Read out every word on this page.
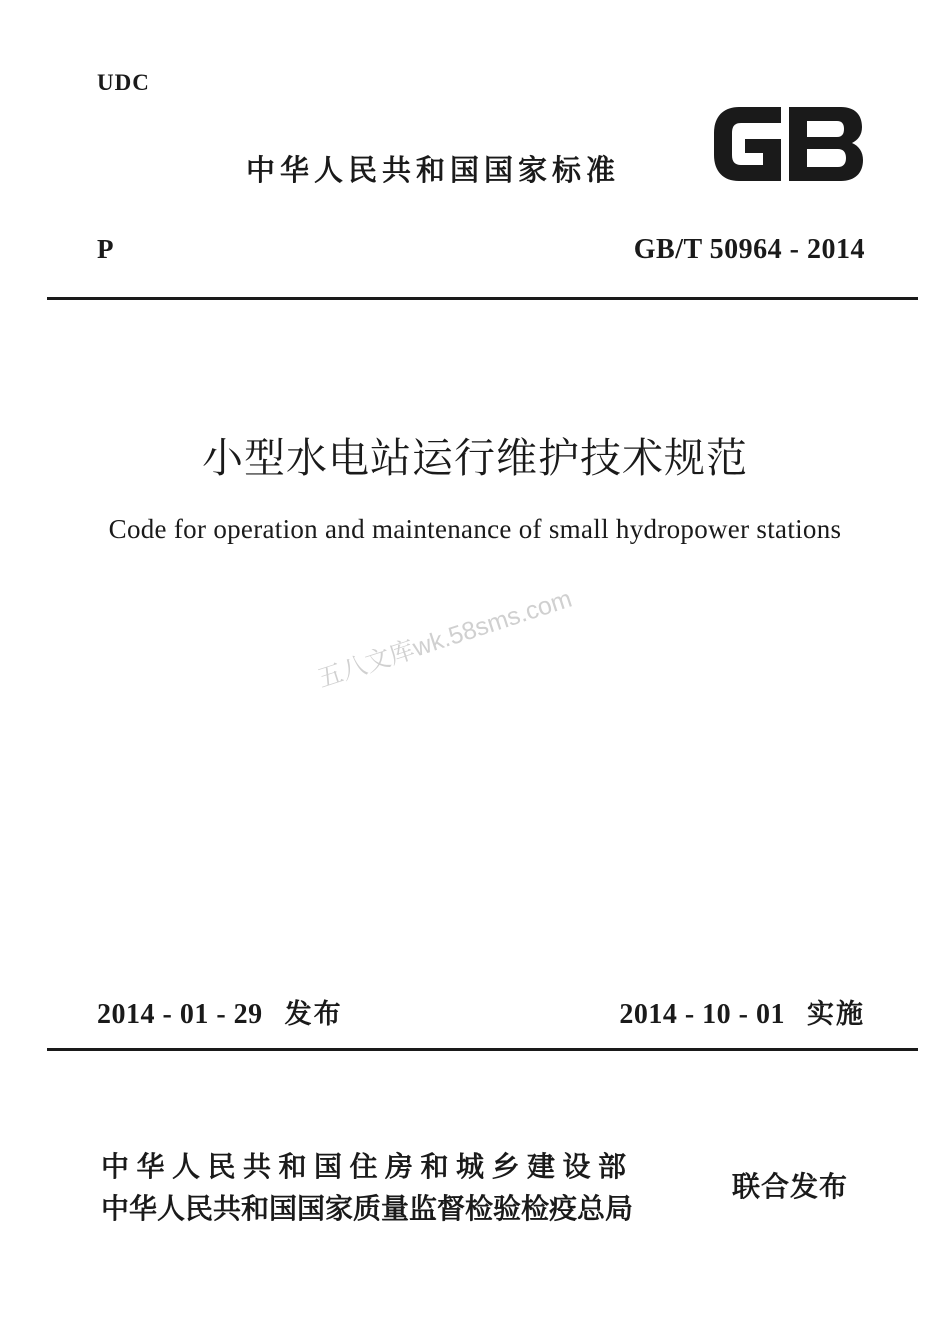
UDC
中华人民共和国国家标准
P	GB/T 50964 - 2014
小型水电站运行维护技术规范
Code for operation and maintenance of small hydropower stations
五八文库wk.58sms.com
2014 - 01 - 29 发布	2014 - 10 - 01 实施
中华人民共和国住房和城乡建设部
中华人民共和国国家质量监督检验检疫总局
联合发布
